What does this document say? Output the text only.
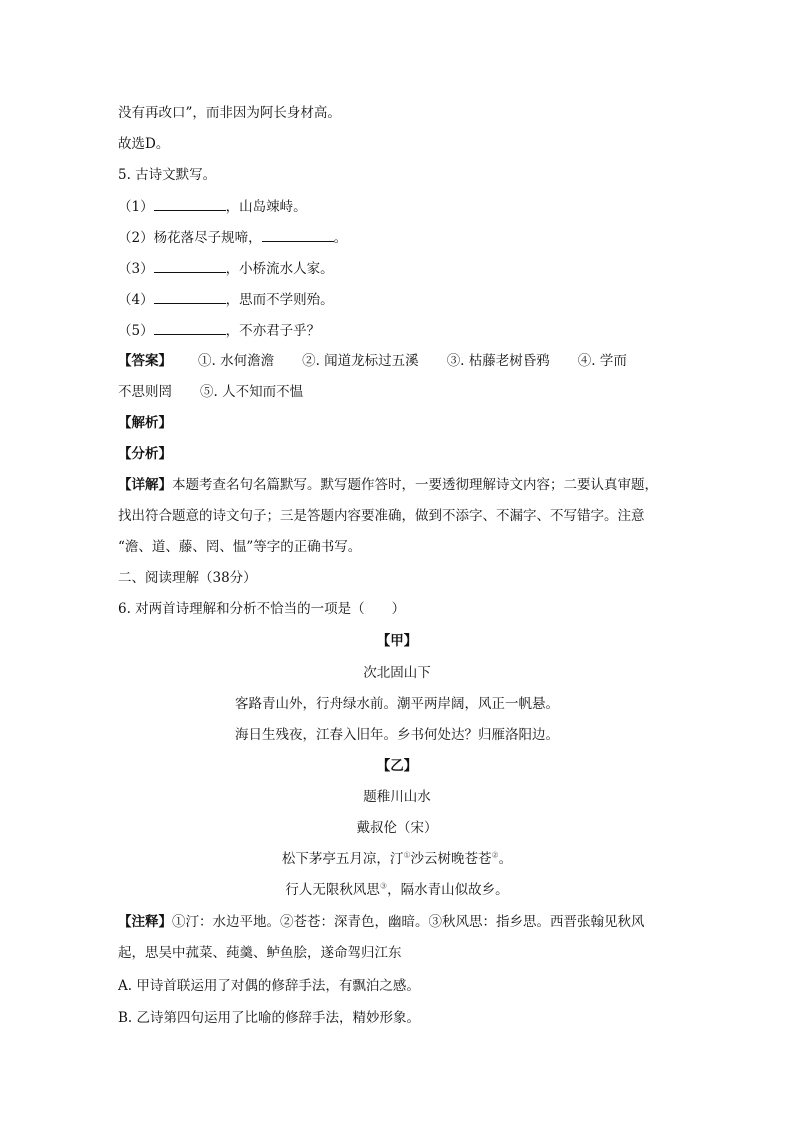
没有再改口”，而非因为阿长身材高。
故选D。
5. 古诗文默写。
（1）	，山岛竦峙。
（2）杨花落尽子规啼，	。
（3）	，小桥流水人家。
（4）	，思而不学则殆。
（5）	，不亦君子乎？
【答案】 ①. 水何澹澹 ②. 闻道龙标过五溪 ③. 枯藤老树昏鸦 ④. 学而
不思则罔 ⑤. 人不知而不愠
【解析】
【分析】
【详解】本题考查名句名篇默写。默写题作答时，一要透彻理解诗文内容；二要认真审题，
找出符合题意的诗文句子；三是答题内容要准确，做到不添字、不漏字、不写错字。注意
“澹、道、藤、罔、愠”等字的正确书写。
二、阅读理解（38分）
6. 对两首诗理解和分析不恰当的一项是（　　）
【甲】
次北固山下
客路青山外，行舟绿水前。潮平两岸阔，风正一帆悬。
海日生残夜，江春入旧年。乡书何处达？归雁洛阳边。
【乙】
题稚川山水
戴叔伦（宋）
松下茅亭五月凉，汀①沙云树晚苍苍②。
行人无限秋风思③，隔水青山似故乡。
【注释】①汀：水边平地。②苍苍：深青色，幽暗。③秋风思：指乡思。西晋张翰见秋风
起，思吴中菰菜、莼羹、鲈鱼脍，遂命驾归江东
A. 甲诗首联运用了对偶的修辞手法，有飘泊之感。
B. 乙诗第四句运用了比喻的修辞手法，精妙形象。
